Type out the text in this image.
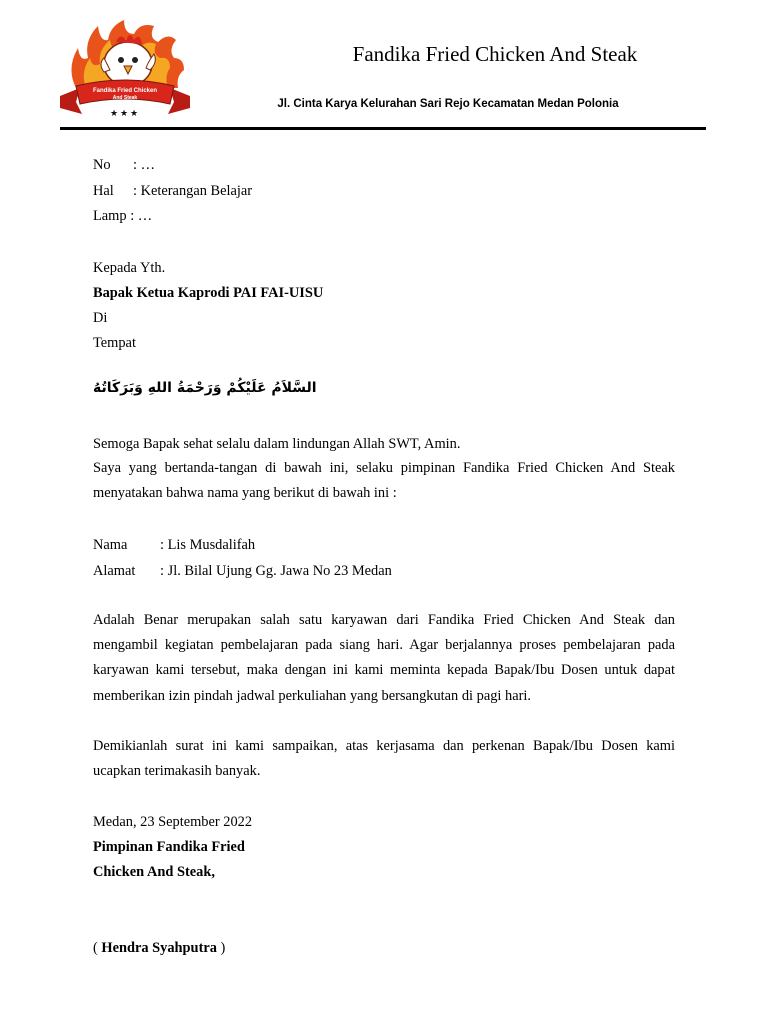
Fandika Fried Chicken
And Steak
★ ★ ★
Fandika Fried Chicken And Steak
Jl. Cinta Karya Kelurahan Sari Rejo Kecamatan Medan Polonia
No : …
Hal : Keterangan Belajar
Lamp : …
Kepada Yth.
Bapak Ketua Kaprodi PAI FAI-UISU
Di
Tempat
السَّلاَمُ عَلَيْكُمْ وَرَحْمَةُ اللهِ وَبَرَكَاتُهُ
Semoga Bapak sehat selalu dalam lindungan Allah SWT, Amin.
Saya yang bertanda-tangan di bawah ini, selaku pimpinan Fandika Fried Chicken And Steak menyatakan bahwa nama yang berikut di bawah ini :
Nama : Lis Musdalifah
Alamat : Jl. Bilal Ujung Gg. Jawa No 23 Medan
Adalah Benar merupakan salah satu karyawan dari Fandika Fried Chicken And Steak dan mengambil kegiatan pembelajaran pada siang hari. Agar berjalannya proses pembelajaran pada karyawan kami tersebut, maka dengan ini kami meminta kepada Bapak/Ibu Dosen untuk dapat memberikan izin pindah jadwal perkuliahan yang bersangkutan di pagi hari.
Demikianlah surat ini kami sampaikan, atas kerjasama dan perkenan Bapak/Ibu Dosen kami ucapkan terimakasih banyak.
Medan, 23 September 2022
Pimpinan Fandika Fried
Chicken And Steak,
( Hendra Syahputra )
